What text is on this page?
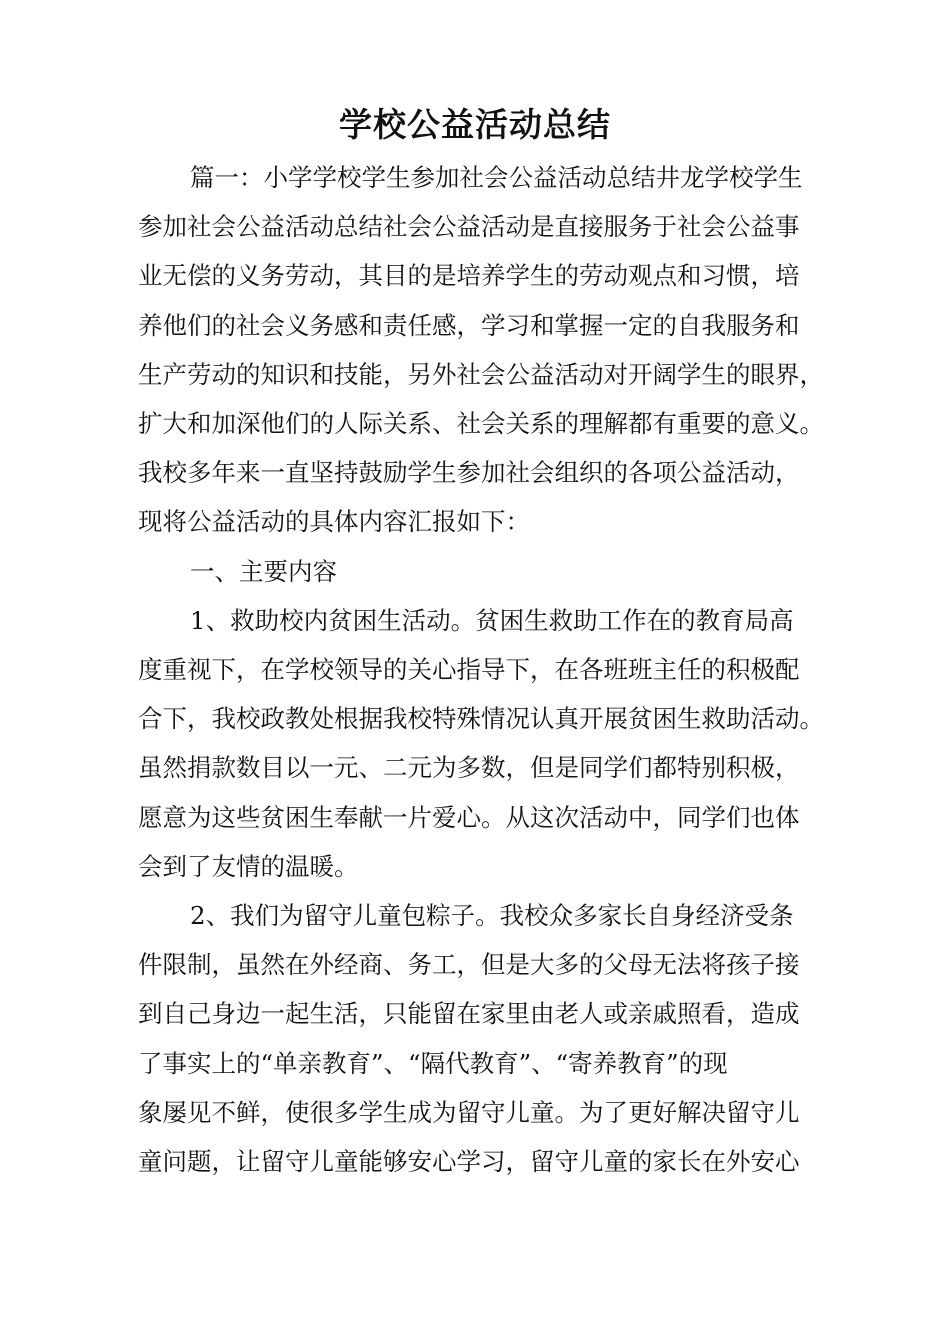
学校公益活动总结
篇一：小学学校学生参加社会公益活动总结井龙学校学生
参加社会公益活动总结社会公益活动是直接服务于社会公益事
业无偿的义务劳动，其目的是培养学生的劳动观点和习惯，培
养他们的社会义务感和责任感，学习和掌握一定的自我服务和
生产劳动的知识和技能，另外社会公益活动对开阔学生的眼界，
扩大和加深他们的人际关系、社会关系的理解都有重要的意义。
我校多年来一直坚持鼓励学生参加社会组织的各项公益活动，
现将公益活动的具体内容汇报如下：
一、主要内容
1、救助校内贫困生活动。贫困生救助工作在的教育局高
度重视下，在学校领导的关心指导下，在各班班主任的积极配
合下，我校政教处根据我校特殊情况认真开展贫困生救助活动。
虽然捐款数目以一元、二元为多数，但是同学们都特别积极，
愿意为这些贫困生奉献一片爱心。从这次活动中，同学们也体
会到了友情的温暖。
2、我们为留守儿童包粽子。我校众多家长自身经济受条
件限制，虽然在外经商、务工，但是大多的父母无法将孩子接
到自己身边一起生活，只能留在家里由老人或亲戚照看，造成
了事实上的“单亲教育”、“隔代教育”、“寄养教育”的现
象屡见不鲜，使很多学生成为留守儿童。为了更好解决留守儿
童问题，让留守儿童能够安心学习，留守儿童的家长在外安心
